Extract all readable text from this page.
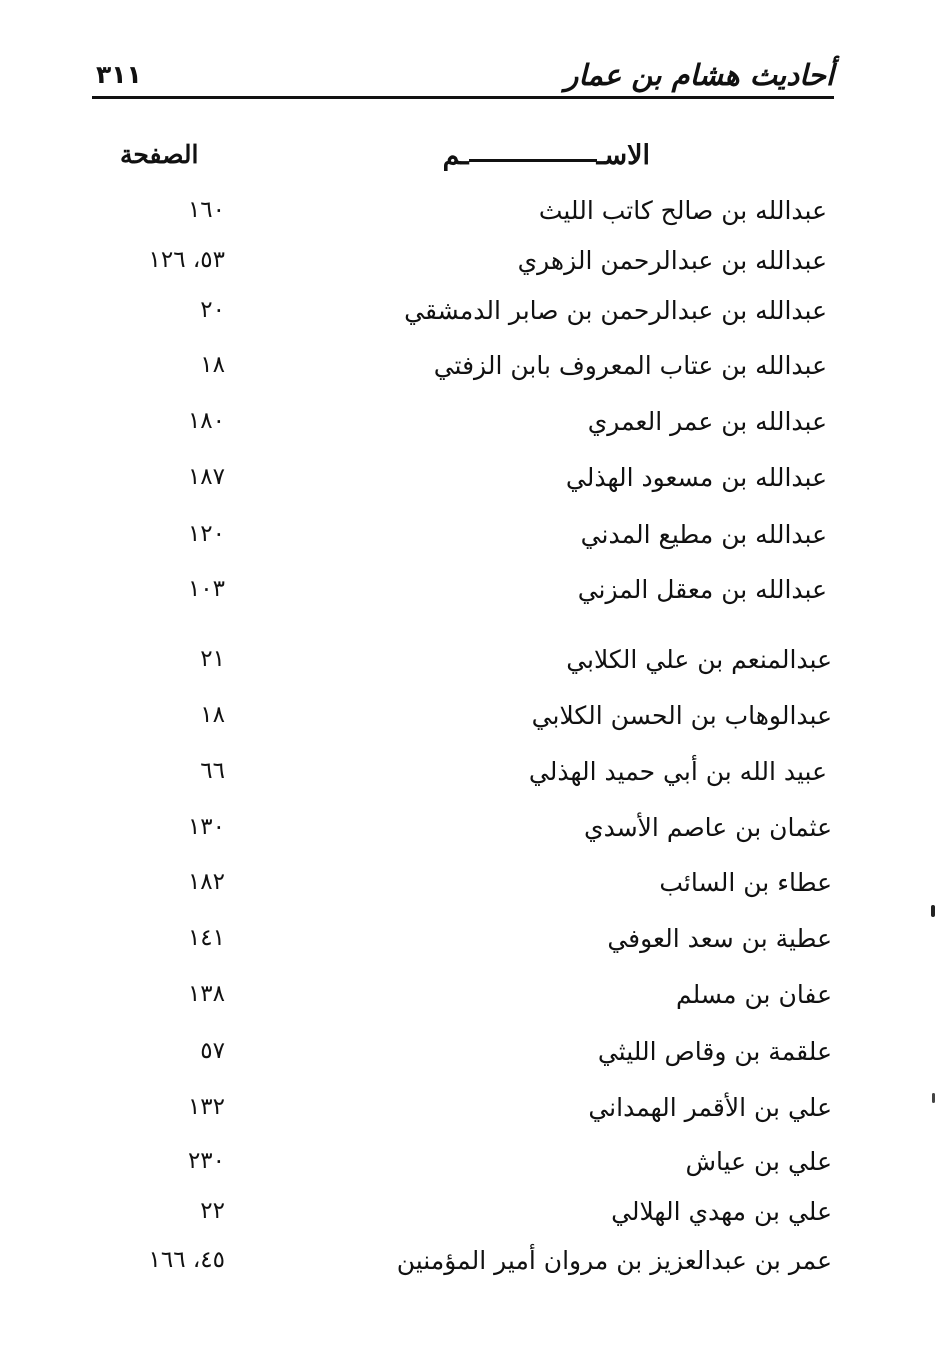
أحاديث هشام بن عمار
٣١١
الاســم
الصفحة
عبدالله بن صالح كاتب الليث
١٦٠
عبدالله بن عبدالرحمن الزهري
٥٣، ١٢٦
عبدالله بن عبدالرحمن بن صابر الدمشقي
٢٠
عبدالله بن عتاب المعروف بابن الزفتي
١٨
عبدالله بن عمر العمري
١٨٠
عبدالله بن مسعود الهذلي
١٨٧
عبدالله بن مطيع المدني
١٢٠
عبدالله بن معقل المزني
١٠٣
عبدالمنعم بن علي الكلابي
٢١
عبدالوهاب بن الحسن الكلابي
١٨
عبيد الله بن أبي حميد الهذلي
٦٦
عثمان بن عاصم الأسدي
١٣٠
عطاء بن السائب
١٨٢
عطية بن سعد العوفي
١٤١
عفان بن مسلم
١٣٨
علقمة بن وقاص الليثي
٥٧
علي بن الأقمر الهمداني
١٣٢
علي بن عياش
٢٣٠
علي بن مهدي الهلالي
٢٢
عمر بن عبدالعزيز بن مروان أمير المؤمنين
٤٥، ١٦٦
